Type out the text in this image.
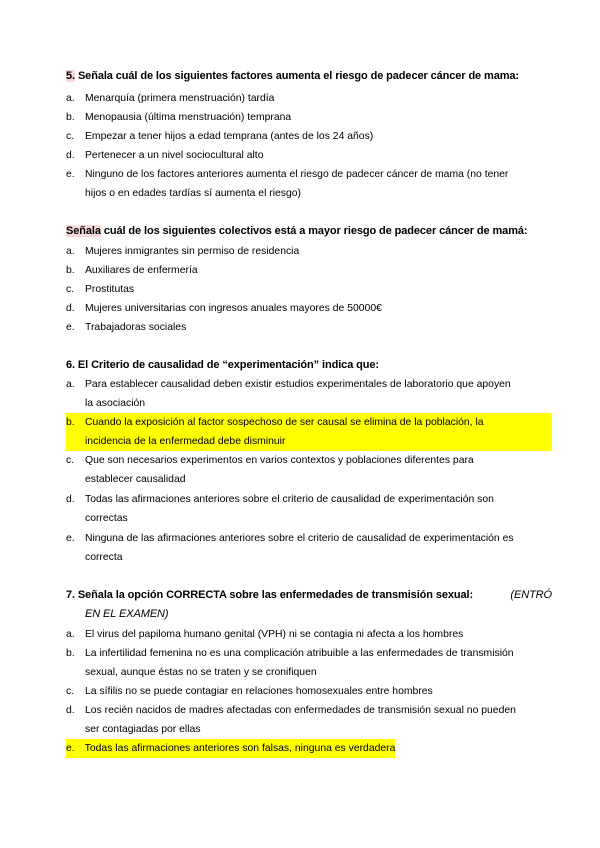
5. Señala cuál de los siguientes factores aumenta el riesgo de padecer cáncer de mama:
a. Menarquía (primera menstruación) tardía
b. Menopausia (última menstruación) temprana
c. Empezar a tener hijos a edad temprana (antes de los 24 años)
d. Pertenecer a un nivel sociocultural alto
e. Ninguno de los factores anteriores aumenta el riesgo de padecer cáncer de mama (no tener
hijos o en edades tardías sí aumenta el riesgo)
Señala cuál de los siguientes colectivos está a mayor riesgo de padecer cáncer de mamá:
a. Mujeres inmigrantes sin permiso de residencia
b. Auxiliares de enfermería
c. Prostitutas
d. Mujeres universitarias con ingresos anuales mayores de 50000€
e. Trabajadoras sociales
6. El Criterio de causalidad de “experimentación” indica que:
a. Para establecer causalidad deben existir estudios experimentales de laboratorio que apoyen
la asociación
b. Cuando la exposición al factor sospechoso de ser causal se elimina de la población, la
incidencia de la enfermedad debe disminuir
c. Que son necesarios experimentos en varios contextos y poblaciones diferentes para
establecer causalidad
d. Todas las afirmaciones anteriores sobre el criterio de causalidad de experimentación son
correctas
e. Ninguna de las afirmaciones anteriores sobre el criterio de causalidad de experimentación es
correcta
7. Señala la opción CORRECTA sobre las enfermedades de transmisión sexual:	(ENTRÓ
EN EL EXAMEN)
a. El virus del papiloma humano genital (VPH) ni se contagia ni afecta a los hombres
b. La infertilidad femenina no es una complicación atribuible a las enfermedades de transmisión
sexual, aunque éstas no se traten y se cronifiquen
c. La sífilis no se puede contagiar en relaciones homosexuales entre hombres
d. Los recién nacidos de madres afectadas con enfermedades de transmisión sexual no pueden
ser contagiadas por ellas
e. Todas las afirmaciones anteriores son falsas, ninguna es verdadera
